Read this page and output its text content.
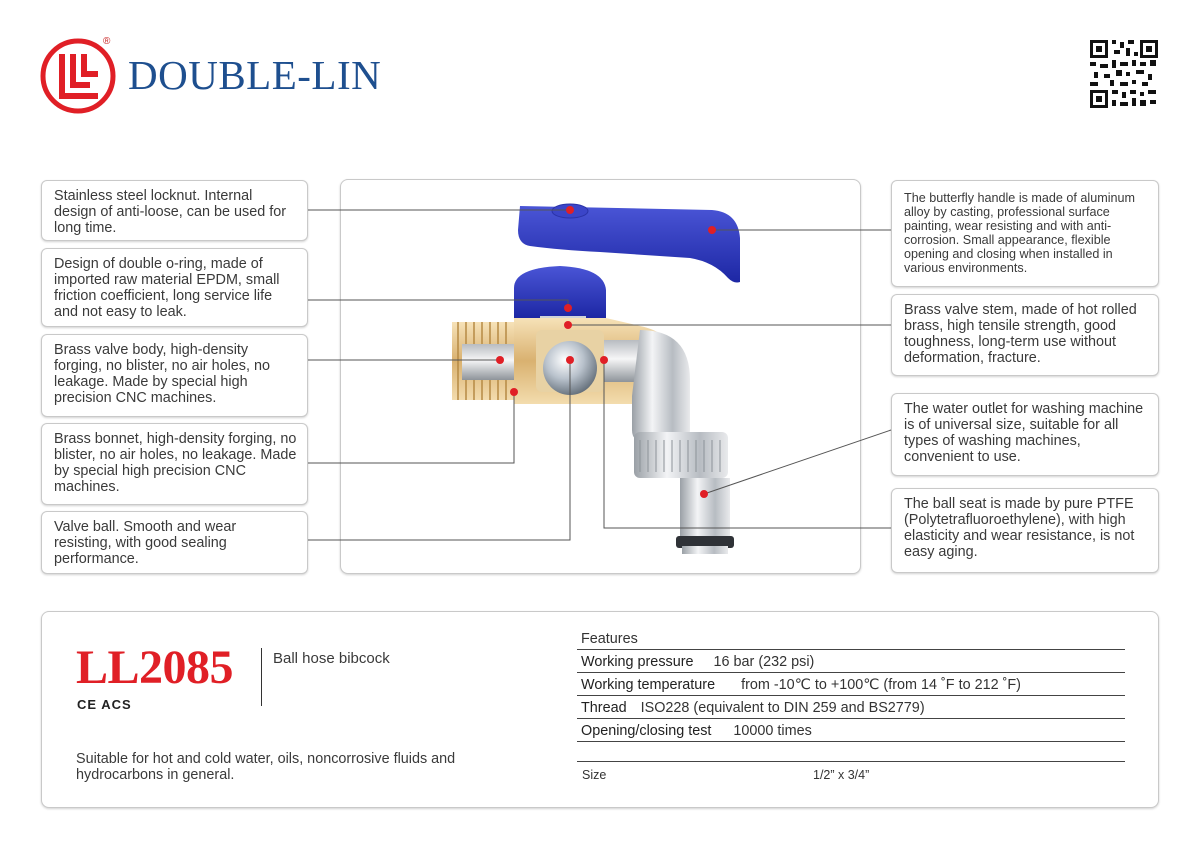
®
DOUBLE-LIN
Stainless steel locknut. Internal design of anti-loose, can be used for long time.
Design of double o-ring, made of imported raw material EPDM, small friction coefficient, long service life and not easy to leak.
Brass valve body, high-density forging, no blister, no air holes, no leakage. Made by special high precision CNC machines.
Brass bonnet, high-density forging, no blister, no air holes, no leakage. Made by special high precision CNC machines.
Valve ball. Smooth and wear resisting, with good sealing performance.
The butterfly handle is made of aluminum alloy by casting, professional surface painting, wear resisting and with anti-corrosion. Small appearance, flexible opening and closing when installed in various environments.
Brass valve stem, made of hot rolled brass, high tensile strength, good toughness, long-term use without deformation, fracture.
The water outlet for washing machine is of universal size, suitable for all types of washing machines, convenient to use.
The ball seat is made by pure PTFE (Polytetrafluoroethylene), with high elasticity and wear resistance, is not easy aging.
LL2085
CE ACS
Ball hose bibcock
Suitable for hot and cold water, oils, noncorrosive fluids and hydrocarbons in general.
Features
Working pressure 16 bar (232 psi)
Working temperature from -10℃ to +100℃ (from 14 ˚F to 212 ˚F)
Thread ISO228 (equivalent to DIN 259 and BS2779)
Opening/closing test 10000 times
Size	1/2” x 3/4”
